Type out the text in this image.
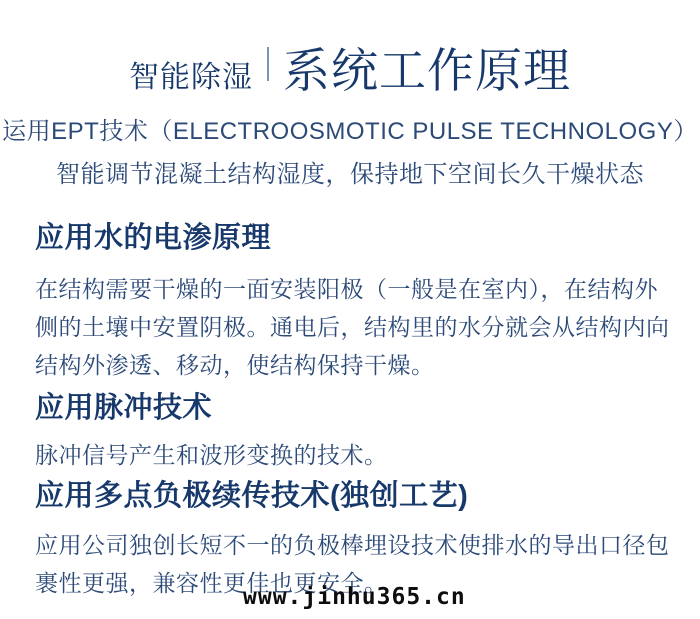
智能除湿 系统工作原理
运用EPT技术（ELECTROOSMOTIC PULSE TECHNOLOGY）
智能调节混凝土结构湿度，保持地下空间长久干燥状态
应用水的电渗原理
在结构需要干燥的一面安装阳极（一般是在室内），在结构外
侧的土壤中安置阴极。通电后，结构里的水分就会从结构内向
结构外渗透、移动，使结构保持干燥。
应用脉冲技术
脉冲信号产生和波形变换的技术。
应用多点负极续传技术(独创工艺)
应用公司独创长短不一的负极棒埋设技术使排水的导出口径包
裹性更强，兼容性更佳也更安全。
www.jinhu365.cn
